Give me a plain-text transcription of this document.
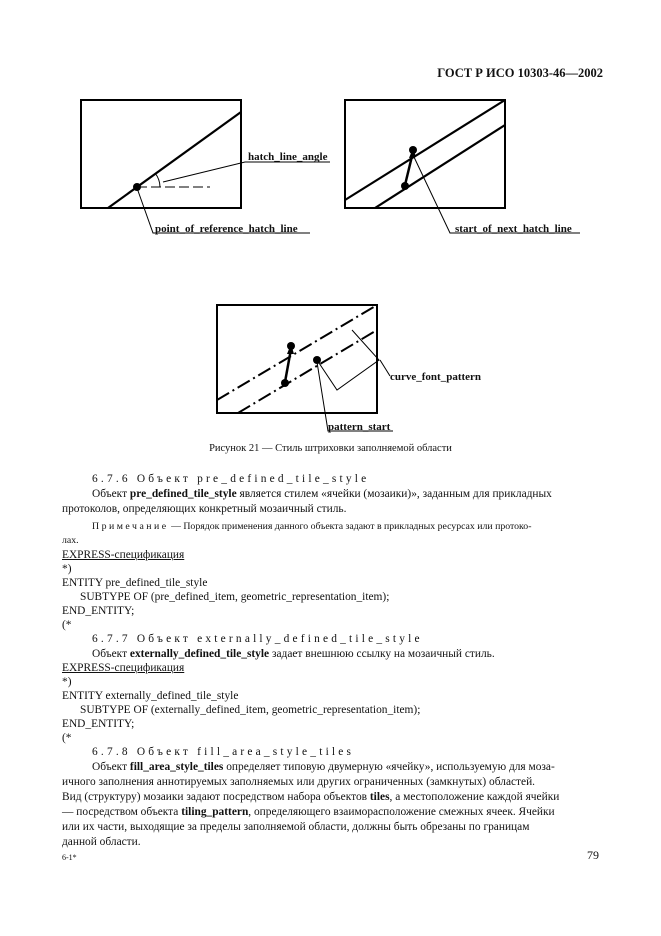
ГОСТ Р ИСО 10303-46—2002
hatch_line_angle
point_of_reference_hatch_line	start_of_next_hatch_line
curve_font_pattern
pattern_start
Рисунок 21 — Стиль штриховки заполняемой области
6.7.6 Объект pre_defined_tile_style
Объект pre_defined_tile_style является стилем «ячейки (мозаики)», заданным для прикладных
протоколов, определяющих конкретный мозаичный стиль.
Примечание — Порядок применения данного объекта задают в прикладных ресурсах или протоко-
лах.
EXPRESS-спецификация
*)
ENTITY pre_defined_tile_style
SUBTYPE OF (pre_defined_item, geometric_representation_item);
END_ENTITY;
(*
6.7.7 Объект externally_defined_tile_style
Объект externally_defined_tile_style задает внешнюю ссылку на мозаичный стиль.
EXPRESS-спецификация
*)
ENTITY externally_defined_tile_style
SUBTYPE OF (externally_defined_item, geometric_representation_item);
END_ENTITY;
(*
6.7.8 Объект fill_area_style_tiles
Объект fill_area_style_tiles определяет типовую двумерную «ячейку», используемую для моза-
ичного заполнения аннотируемых заполняемых или других ограниченных (замкнутых) областей.
Вид (структуру) мозаики задают посредством набора объектов tiles, а местоположение каждой ячейки
— посредством объекта tiling_pattern, определяющего взаиморасположение смежных ячеек. Ячейки
или их части, выходящие за пределы заполняемой области, должны быть обрезаны по границам
данной области.
6-1*	79
